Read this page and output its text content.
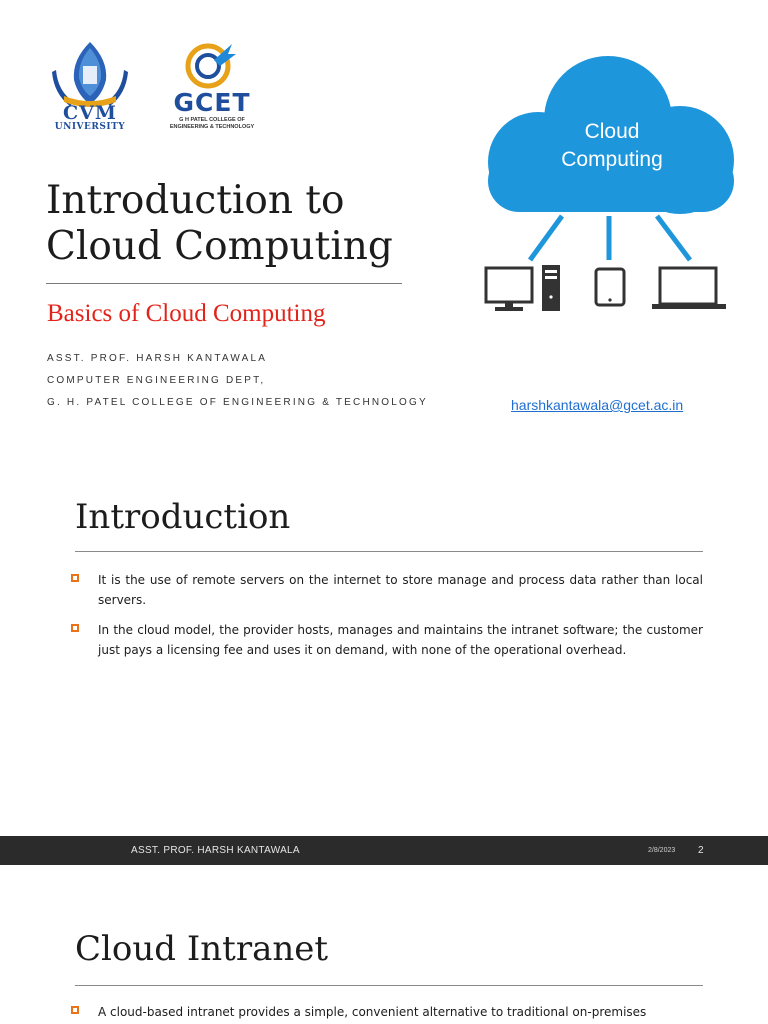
CVM
UNIVERSITY
GCET
G H PATEL COLLEGE OF
ENGINEERING & TECHNOLOGY
Introduction to
Cloud Computing
Basics of Cloud Computing
ASST. PROF. HARSH KANTAWALA
COMPUTER ENGINEERING DEPT,
G. H. PATEL COLLEGE OF ENGINEERING & TECHNOLOGY	harshkantawala@gcet.ac.in
Cloud
Computing
Introduction
It is the use of remote servers on the internet to store manage and process data rather than local servers.
In the cloud model, the provider hosts, manages and maintains the intranet software; the customer just pays a licensing fee and uses it on demand, with none of the operational overhead.
ASST. PROF. HARSH KANTAWALA	2/8/2023 2
Cloud Intranet
A cloud-based intranet provides a simple, convenient alternative to traditional on-premises
